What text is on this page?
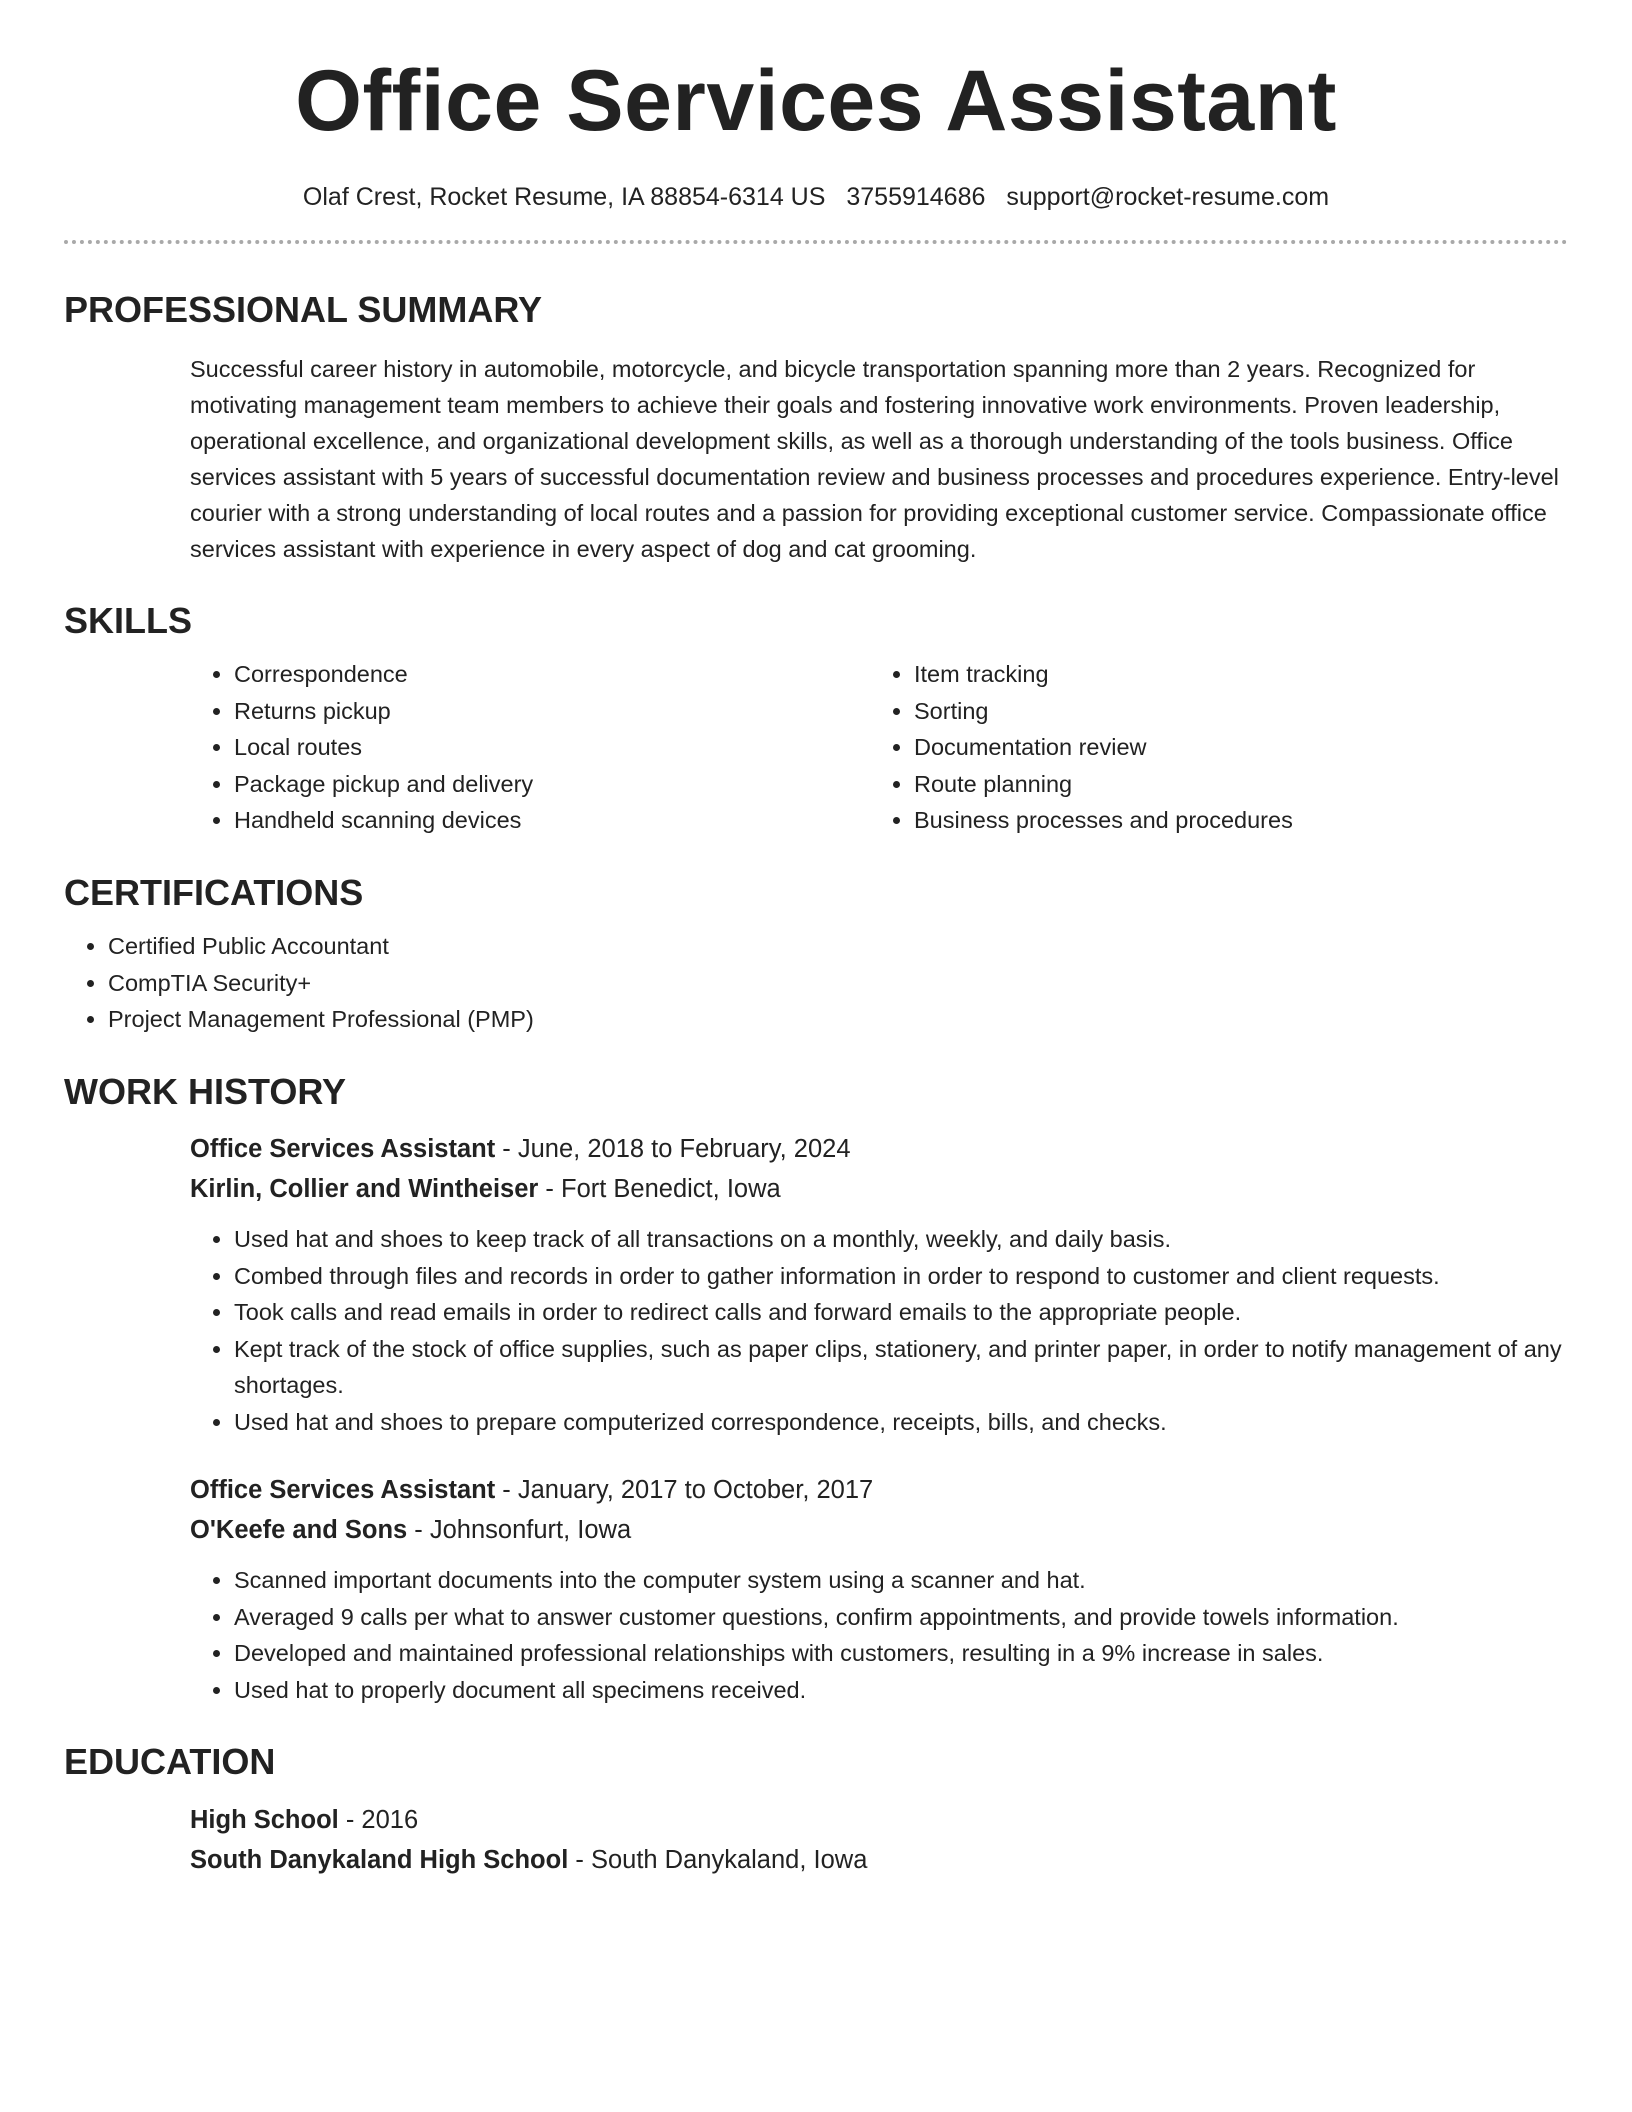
Office Services Assistant
Olaf Crest, Rocket Resume, IA 88854-6314 US 3755914686 support@rocket-resume.com
PROFESSIONAL SUMMARY
Successful career history in automobile, motorcycle, and bicycle transportation spanning more than 2 years. Recognized for motivating management team members to achieve their goals and fostering innovative work environments. Proven leadership, operational excellence, and organizational development skills, as well as a thorough understanding of the tools business. Office services assistant with 5 years of successful documentation review and business processes and procedures experience. Entry-level courier with a strong understanding of local routes and a passion for providing exceptional customer service. Compassionate office services assistant with experience in every aspect of dog and cat grooming.
SKILLS
• Correspondence
• Returns pickup
• Local routes
• Package pickup and delivery
• Handheld scanning devices
• Item tracking
• Sorting
• Documentation review
• Route planning
• Business processes and procedures
CERTIFICATIONS
• Certified Public Accountant
• CompTIA Security+
• Project Management Professional (PMP)
WORK HISTORY
Office Services Assistant - June, 2018 to February, 2024
Kirlin, Collier and Wintheiser - Fort Benedict, Iowa
• Used hat and shoes to keep track of all transactions on a monthly, weekly, and daily basis.
• Combed through files and records in order to gather information in order to respond to customer and client requests.
• Took calls and read emails in order to redirect calls and forward emails to the appropriate people.
• Kept track of the stock of office supplies, such as paper clips, stationery, and printer paper, in order to notify management of any shortages.
• Used hat and shoes to prepare computerized correspondence, receipts, bills, and checks.
Office Services Assistant - January, 2017 to October, 2017
O'Keefe and Sons - Johnsonfurt, Iowa
• Scanned important documents into the computer system using a scanner and hat.
• Averaged 9 calls per what to answer customer questions, confirm appointments, and provide towels information.
• Developed and maintained professional relationships with customers, resulting in a 9% increase in sales.
• Used hat to properly document all specimens received.
EDUCATION
High School - 2016
South Danykaland High School - South Danykaland, Iowa
